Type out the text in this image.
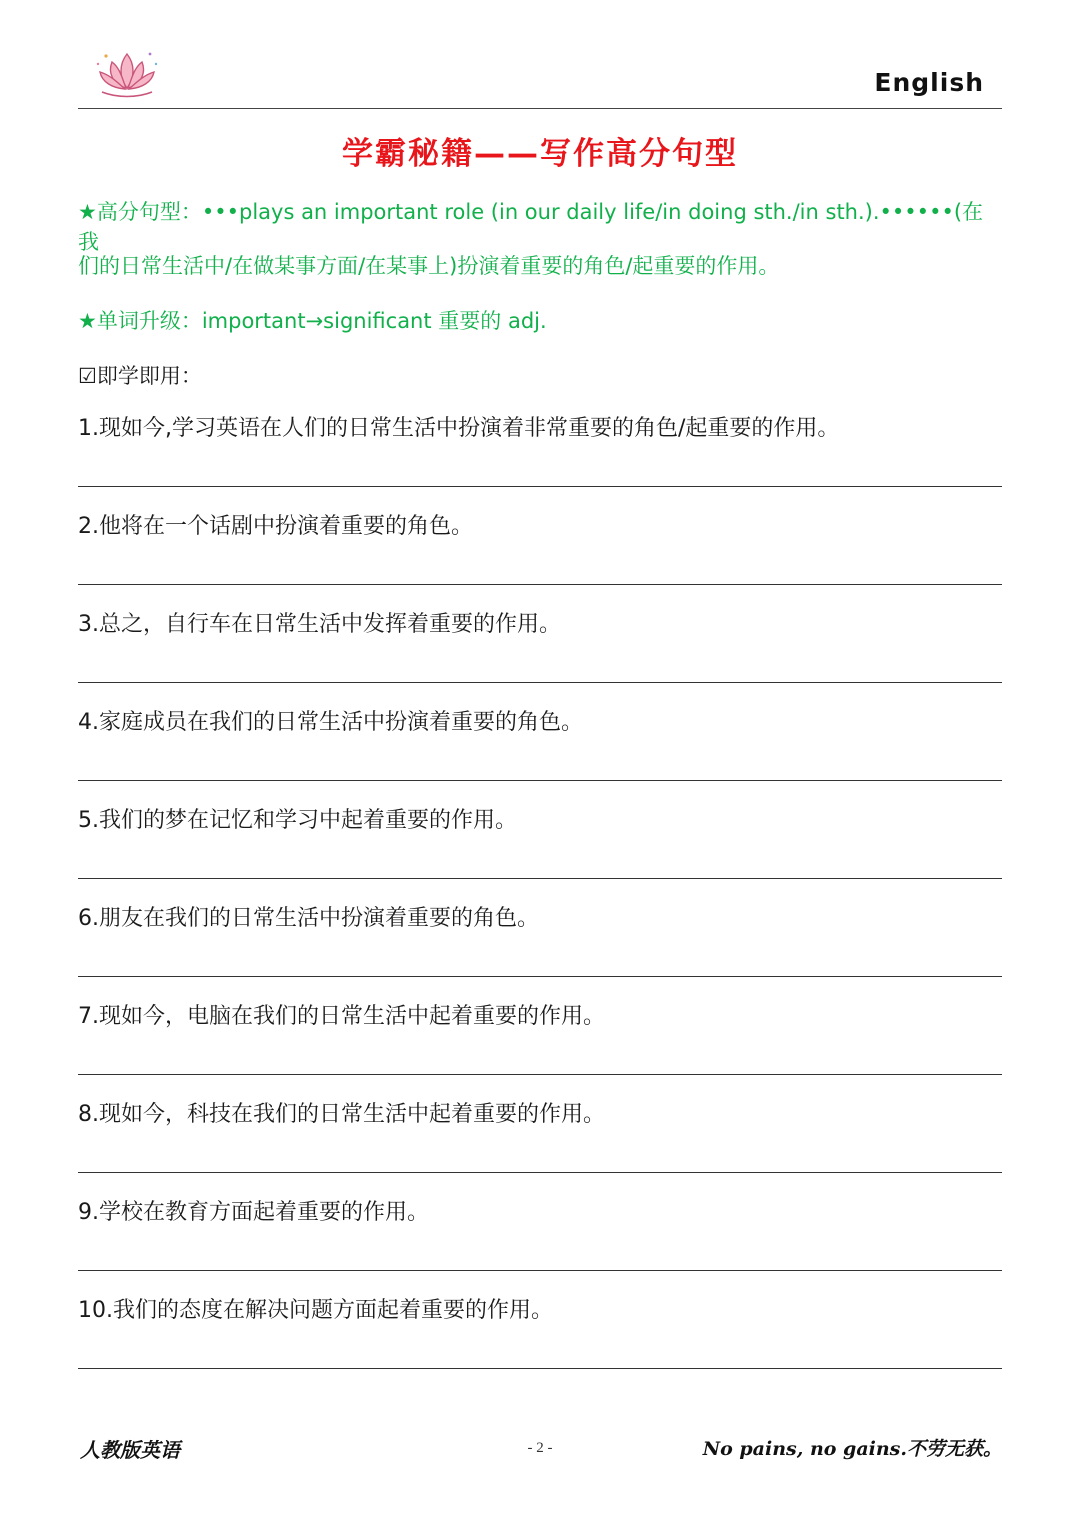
English
学霸秘籍——写作高分句型
★高分句型：•••plays an important role (in our daily life/in doing sth./in sth.).••••••(在我
们的日常生活中/在做某事方面/在某事上)扮演着重要的角色/起重要的作用。
★单词升级：important→significant 重要的 adj.
☑即学即用：
1.现如今,学习英语在人们的日常生活中扮演着非常重要的角色/起重要的作用。
2.他将在一个话剧中扮演着重要的角色。
3.总之，自行车在日常生活中发挥着重要的作用。
4.家庭成员在我们的日常生活中扮演着重要的角色。
5.我们的梦在记忆和学习中起着重要的作用。
6.朋友在我们的日常生活中扮演着重要的角色。
7.现如今，电脑在我们的日常生活中起着重要的作用。
8.现如今，科技在我们的日常生活中起着重要的作用。
9.学校在教育方面起着重要的作用。
10.我们的态度在解决问题方面起着重要的作用。
人教版英语	- 2 -	No pains, no gains.不劳无获。
